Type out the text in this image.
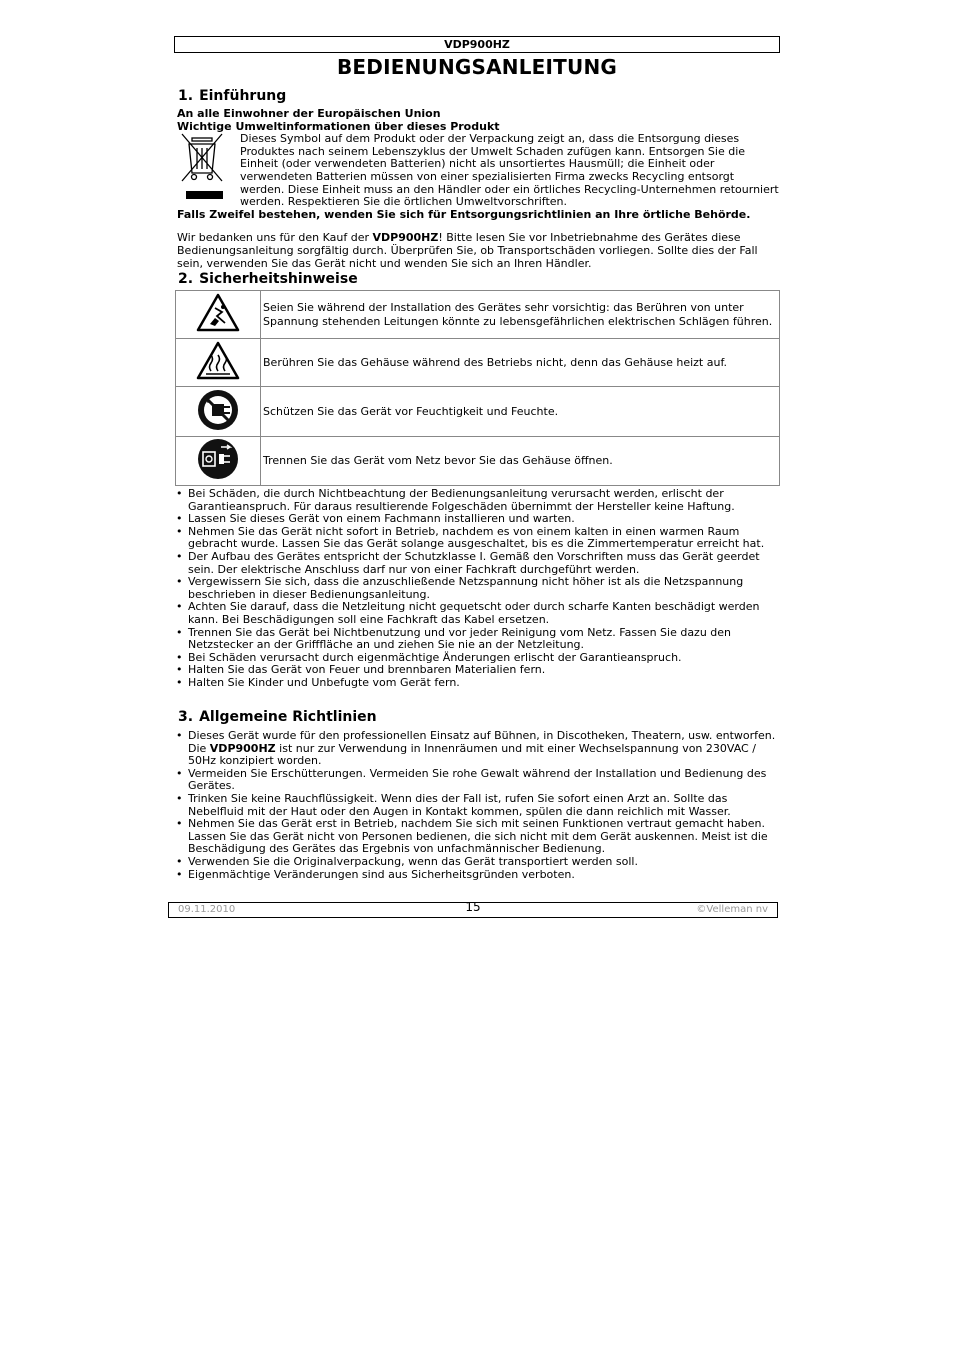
VDP900HZ
BEDIENUNGSANLEITUNG
1. Einführung
An alle Einwohner der Europäischen Union
Wichtige Umweltinformationen über dieses Produkt
Dieses Symbol auf dem Produkt oder der Verpackung zeigt an, dass die Entsorgung dieses Produktes nach seinem Lebenszyklus der Umwelt Schaden zufügen kann. Entsorgen Sie die Einheit (oder verwendeten Batterien) nicht als unsortiertes Hausmüll; die Einheit oder verwendeten Batterien müssen von einer spezialisierten Firma zwecks Recycling entsorgt werden. Diese Einheit muss an den Händler oder ein örtliches Recycling-Unternehmen retourniert werden. Respektieren Sie die örtlichen Umweltvorschriften.
Falls Zweifel bestehen, wenden Sie sich für Entsorgungsrichtlinien an Ihre örtliche Behörde.

Wir bedanken uns für den Kauf der VDP900HZ! Bitte lesen Sie vor Inbetriebnahme des Gerätes diese Bedienungsanleitung sorgfältig durch. Überprüfen Sie, ob Transportschäden vorliegen. Sollte dies der Fall sein, verwenden Sie das Gerät nicht und wenden Sie sich an Ihren Händler.

2. Sicherheitshinweise
	Seien Sie während der Installation des Gerätes sehr vorsichtig: das Berühren von unter Spannung stehenden Leitungen könnte zu lebensgefährlichen elektrischen Schlägen führen.
	Berühren Sie das Gehäuse während des Betriebs nicht, denn das Gehäuse heizt auf.
	Schützen Sie das Gerät vor Feuchtigkeit und Feuchte.
	Trennen Sie das Gerät vom Netz bevor Sie das Gehäuse öffnen.
• Bei Schäden, die durch Nichtbeachtung der Bedienungsanleitung verursacht werden, erlischt der Garantieanspruch. Für daraus resultierende Folgeschäden übernimmt der Hersteller keine Haftung.
• Lassen Sie dieses Gerät von einem Fachmann installieren und warten.
• Nehmen Sie das Gerät nicht sofort in Betrieb, nachdem es von einem kalten in einen warmen Raum gebracht wurde. Lassen Sie das Gerät solange ausgeschaltet, bis es die Zimmertemperatur erreicht hat.
• Der Aufbau des Gerätes entspricht der Schutzklasse I. Gemäß den Vorschriften muss das Gerät geerdet sein. Der elektrische Anschluss darf nur von einer Fachkraft durchgeführt werden.
• Vergewissern Sie sich, dass die anzuschließende Netzspannung nicht höher ist als die Netzspannung beschrieben in dieser Bedienungsanleitung.
• Achten Sie darauf, dass die Netzleitung nicht gequetscht oder durch scharfe Kanten beschädigt werden kann. Bei Beschädigungen soll eine Fachkraft das Kabel ersetzen.
• Trennen Sie das Gerät bei Nichtbenutzung und vor jeder Reinigung vom Netz. Fassen Sie dazu den Netzstecker an der Grifffläche an und ziehen Sie nie an der Netzleitung.
• Bei Schäden verursacht durch eigenmächtige Änderungen erlischt der Garantieanspruch.
• Halten Sie das Gerät von Feuer und brennbaren Materialien fern.
• Halten Sie Kinder und Unbefugte vom Gerät fern.
3. Allgemeine Richtlinien
• Dieses Gerät wurde für den professionellen Einsatz auf Bühnen, in Discotheken, Theatern, usw. entworfen. Die VDP900HZ ist nur zur Verwendung in Innenräumen und mit einer Wechselspannung von 230VAC / 50Hz konzipiert worden.
• Vermeiden Sie Erschütterungen. Vermeiden Sie rohe Gewalt während der Installation und Bedienung des Gerätes.
• Trinken Sie keine Rauchflüssigkeit. Wenn dies der Fall ist, rufen Sie sofort einen Arzt an. Sollte das Nebelfluid mit der Haut oder den Augen in Kontakt kommen, spülen die dann reichlich mit Wasser.
• Nehmen Sie das Gerät erst in Betrieb, nachdem Sie sich mit seinen Funktionen vertraut gemacht haben. Lassen Sie das Gerät nicht von Personen bedienen, die sich nicht mit dem Gerät auskennen. Meist ist die Beschädigung des Gerätes das Ergebnis von unfachmännischer Bedienung.
• Verwenden Sie die Originalverpackung, wenn das Gerät transportiert werden soll.
• Eigenmächtige Veränderungen sind aus Sicherheitsgründen verboten.
09.11.2010	15	©Velleman nv
